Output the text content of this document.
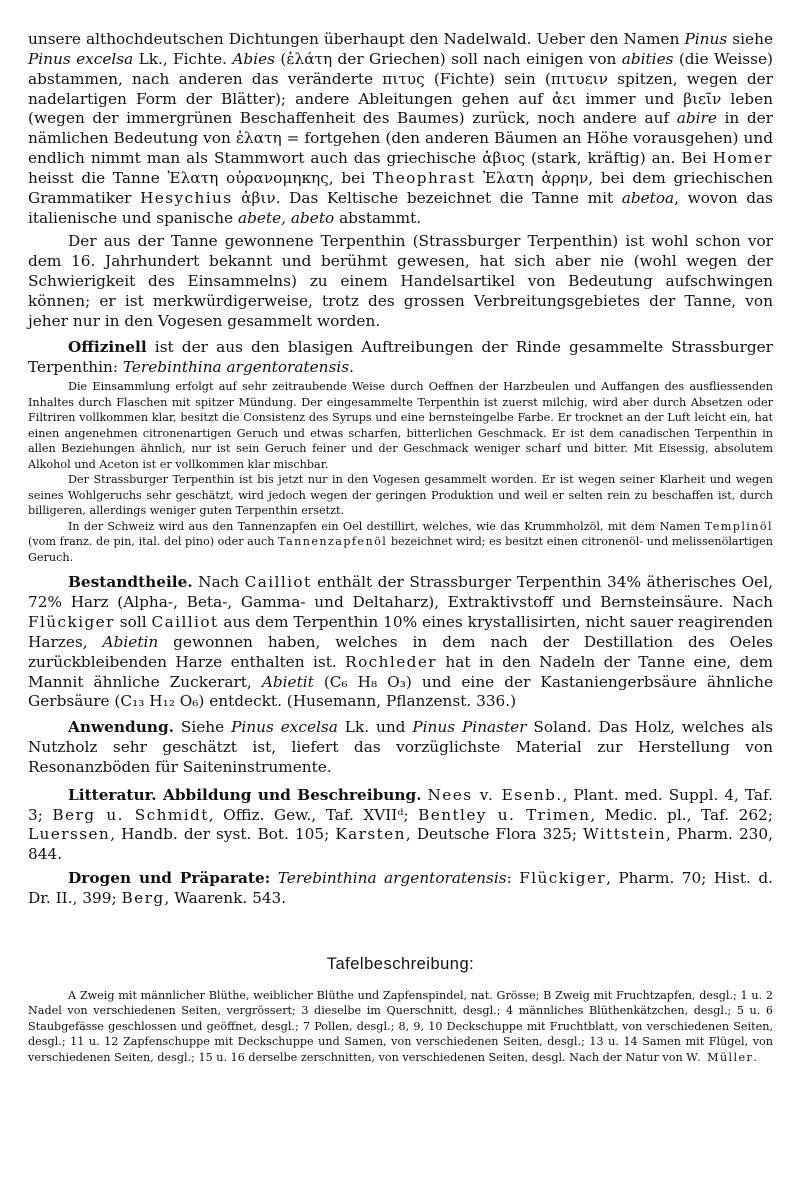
unsere althochdeutschen Dichtungen überhaupt den Nadelwald. Ueber den Namen Pinus siehe Pinus excelsa Lk., Fichte. Abies (ἐλάτη der Griechen) soll nach einigen von abities (die Weisse) abstammen, nach anderen das veränderte πιτυς (Fichte) sein (πιτυειν spitzen, wegen der nadelartigen Form der Blätter); andere Ableitungen gehen auf ἀει immer und βιεῖν leben (wegen der immergrünen Beschaffenheit des Baumes) zurück, noch andere auf abire in der nämlichen Bedeutung von ἐλατη = fortgehen (den anderen Bäumen an Höhe vorausgehen) und endlich nimmt man als Stammwort auch das griechische ἀβιος (stark, kräftig) an. Bei Homer heisst die Tanne Ἐλατη οὐρανομηκης, bei Theophrast Ἐλατη ἀρρην, bei dem griechischen Grammatiker Hesychius ἀβιν. Das Keltische bezeichnet die Tanne mit abetoa, wovon das italienische und spanische abete, abeto abstammt.

Der aus der Tanne gewonnene Terpenthin (Strassburger Terpenthin) ist wohl schon vor dem 16. Jahrhundert bekannt und berühmt gewesen, hat sich aber nie (wohl wegen der Schwierigkeit des Einsammelns) zu einem Handelsartikel von Bedeutung aufschwingen können; er ist merkwürdigerweise, trotz des grossen Verbreitungsgebietes der Tanne, von jeher nur in den Vogesen gesammelt worden.

Offizinell ist der aus den blasigen Auftreibungen der Rinde gesammelte Strassburger Terpenthin: Terebinthina argentoratensis.

Die Einsammlung erfolgt auf sehr zeitraubende Weise durch Oeffnen der Harzbeulen und Auffangen des ausfliessenden Inhaltes durch Flaschen mit spitzer Mündung. Der eingesammelte Terpenthin ist zuerst milchig, wird aber durch Absetzen oder Filtriren vollkommen klar, besitzt die Consistenz des Syrups und eine bernsteingelbe Farbe. Er trocknet an der Luft leicht ein, hat einen angenehmen citronenartigen Geruch und etwas scharfen, bitterlichen Geschmack. Er ist dem canadischen Terpenthin in allen Beziehungen ähnlich, nur ist sein Geruch feiner und der Geschmack weniger scharf und bitter. Mit Eisessig, absolutem Alkohol und Aceton ist er vollkommen klar mischbar.

Der Strassburger Terpenthin ist bis jetzt nur in den Vogesen gesammelt worden. Er ist wegen seiner Klarheit und wegen seines Wohlgeruchs sehr geschätzt, wird jedoch wegen der geringen Produktion und weil er selten rein zu beschaffen ist, durch billigeren, allerdings weniger guten Terpenthin ersetzt.

In der Schweiz wird aus den Tannenzapfen ein Oel destillirt, welches, wie das Krummholzöl, mit dem Namen Templinöl (vom franz. de pin, ital. del pino) oder auch Tannenzapfenöl bezeichnet wird; es besitzt einen citronenöl- und melissenölartigen Geruch.

Bestandtheile. Nach Cailliot enthält der Strassburger Terpenthin 34% ätherisches Oel, 72% Harz (Alpha-, Beta-, Gamma- und Deltaharz), Extraktivstoff und Bernsteinsäure. Nach Flückiger soll Cailliot aus dem Terpenthin 10% eines krystallisirten, nicht sauer reagirenden Harzes, Abietin gewonnen haben, welches in dem nach der Destillation des Oeles zurückbleibenden Harze enthalten ist. Rochleder hat in den Nadeln der Tanne eine, dem Mannit ähnliche Zuckerart, Abietit (C₆ H₈ O₃) und eine der Kastaniengerbsäure ähnliche Gerbsäure (C₁₃ H₁₂ O₆) entdeckt. (Husemann, Pflanzenst. 336.)

Anwendung. Siehe Pinus excelsa Lk. und Pinus Pinaster Soland. Das Holz, welches als Nutzholz sehr geschätzt ist, liefert das vorzüglichste Material zur Herstellung von Resonanzböden für Saiteninstrumente.

Litteratur. Abbildung und Beschreibung. Nees v. Esenb., Plant. med. Suppl. 4, Taf. 3; Berg u. Schmidt, Offiz. Gew., Taf. XVIIᵈ; Bentley u. Trimen, Medic. pl., Taf. 262; Luerssen, Handb. der syst. Bot. 105; Karsten, Deutsche Flora 325; Wittstein, Pharm. 230, 844.

Drogen und Präparate: Terebinthina argentoratensis: Flückiger, Pharm. 70; Hist. d. Dr. II., 399; Berg, Waarenk. 543.

Tafelbeschreibung:

A Zweig mit männlicher Blüthe, weiblicher Blüthe und Zapfenspindel, nat. Grösse; B Zweig mit Fruchtzapfen, desgl.; 1 u. 2 Nadel von verschiedenen Seiten, vergrössert; 3 dieselbe im Querschnitt, desgl.; 4 männliches Blüthenkätzchen, desgl.; 5 u. 6 Staubgefässe geschlossen und geöffnet, desgl.; 7 Pollen, desgl.; 8, 9, 10 Deckschuppe mit Fruchtblatt, von verschiedenen Seiten, desgl.; 11 u. 12 Zapfenschuppe mit Deckschuppe und Samen, von verschiedenen Seiten, desgl.; 13 u. 14 Samen mit Flügel, von verschiedenen Seiten, desgl.; 15 u. 16 derselbe zerschnitten, von verschiedenen Seiten, desgl. Nach der Natur von W. Müller.
